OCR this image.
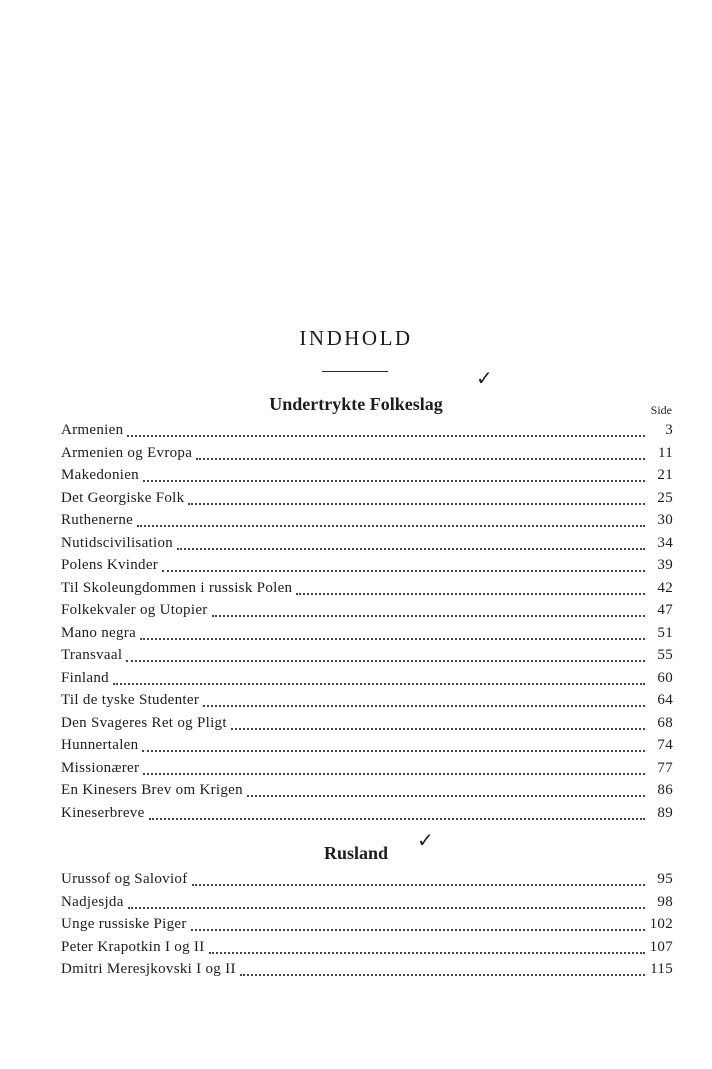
INDHOLD
✓
Undertrykte Folkeslag	Side
Armenien	3
Armenien og Evropa	11
Makedonien	21
Det Georgiske Folk	25
Ruthenerne	30
Nutidscivilisation	34
Polens Kvinder	39
Til Skoleungdommen i russisk Polen	42
Folkekvaler og Utopier	47
Mano negra	51
Transvaal	55
Finland	60
Til de tyske Studenter	64
Den Svageres Ret og Pligt	68
Hunnertalen	74
Missionærer	77
En Kinesers Brev om Krigen	86
Kineserbreve	89
Rusland
✓
Urussof og Saloviof	95
Nadjesjda	98
Unge russiske Piger	102
Peter Krapotkin I og II	107
Dmitri Meresjkovski I og II	115
